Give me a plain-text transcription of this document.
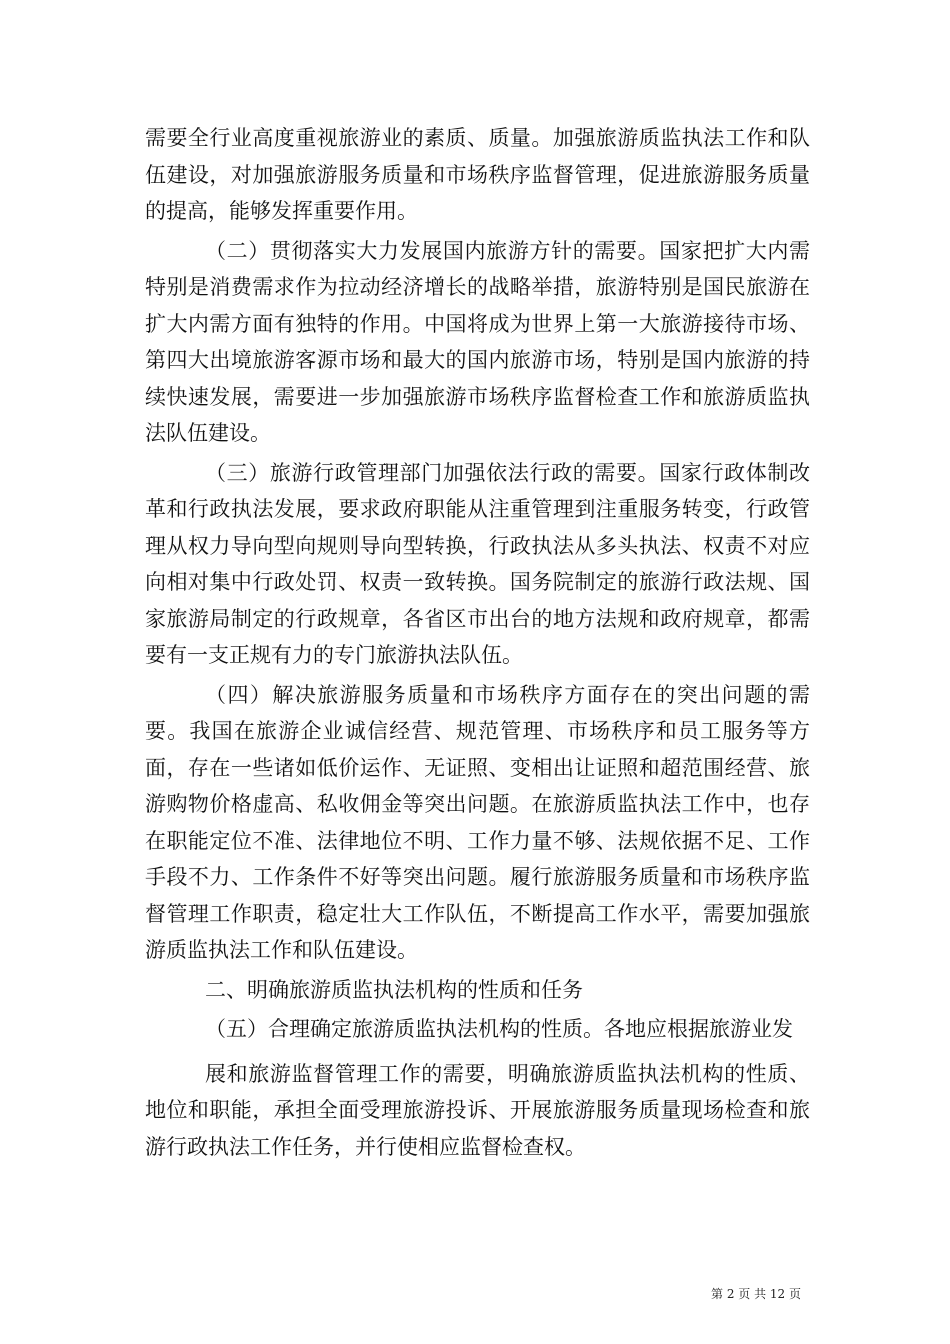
需要全行业高度重视旅游业的素质、质量。加强旅游质监执法工作和队伍建设，对加强旅游服务质量和市场秩序监督管理，促进旅游服务质量的提高，能够发挥重要作用。

（二）贯彻落实大力发展国内旅游方针的需要。国家把扩大内需特别是消费需求作为拉动经济增长的战略举措，旅游特别是国民旅游在扩大内需方面有独特的作用。中国将成为世界上第一大旅游接待市场、第四大出境旅游客源市场和最大的国内旅游市场，特别是国内旅游的持续快速发展，需要进一步加强旅游市场秩序监督检查工作和旅游质监执法队伍建设。

（三）旅游行政管理部门加强依法行政的需要。国家行政体制改革和行政执法发展，要求政府职能从注重管理到注重服务转变，行政管理从权力导向型向规则导向型转换，行政执法从多头执法、权责不对应向相对集中行政处罚、权责一致转换。国务院制定的旅游行政法规、国家旅游局制定的行政规章，各省区市出台的地方法规和政府规章，都需要有一支正规有力的专门旅游执法队伍。

（四）解决旅游服务质量和市场秩序方面存在的突出问题的需要。我国在旅游企业诚信经营、规范管理、市场秩序和员工服务等方面，存在一些诸如低价运作、无证照、变相出让证照和超范围经营、旅游购物价格虚高、私收佣金等突出问题。在旅游质监执法工作中，也存在职能定位不准、法律地位不明、工作力量不够、法规依据不足、工作手段不力、工作条件不好等突出问题。履行旅游服务质量和市场秩序监督管理工作职责，稳定壮大工作队伍，不断提高工作水平，需要加强旅游质监执法工作和队伍建设。

二、明确旅游质监执法机构的性质和任务

（五）合理确定旅游质监执法机构的性质。各地应根据旅游业发

展和旅游监督管理工作的需要，明确旅游质监执法机构的性质、地位和职能，承担全面受理旅游投诉、开展旅游服务质量现场检查和旅游行政执法工作任务，并行使相应监督检查权。

第 2 页 共 12 页
